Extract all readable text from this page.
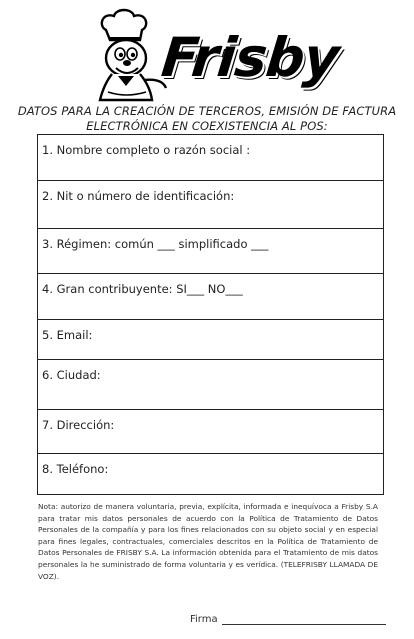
Frisby
DATOS PARA LA CREACIÓN DE TERCEROS, EMISIÓN DE FACTURA
ELECTRÓNICA EN COEXISTENCIA AL POS:
1. Nombre completo o razón social :
2. Nit o número de identificación:
3. Régimen: común ___ simplificado ___
4. Gran contribuyente: SI___ NO___
5. Email:
6. Ciudad:
7. Dirección:
8. Teléfono:
Nota: autorizo de manera voluntaria, previa, explícita, informada e inequívoca a Frisby S.A para tratar mis datos personales de acuerdo con la Política de Tratamiento de Datos Personales de la compañía y para los fines relacionados con su objeto social y en especial para fines legales, contractuales, comerciales descritos en la Política de Tratamiento de Datos Personales de FRISBY S.A. La información obtenida para el Tratamiento de mis datos personales la he suministrado de forma voluntaria y es verídica. (TELEFRISBY LLAMADA DE VOZ).
Firma
